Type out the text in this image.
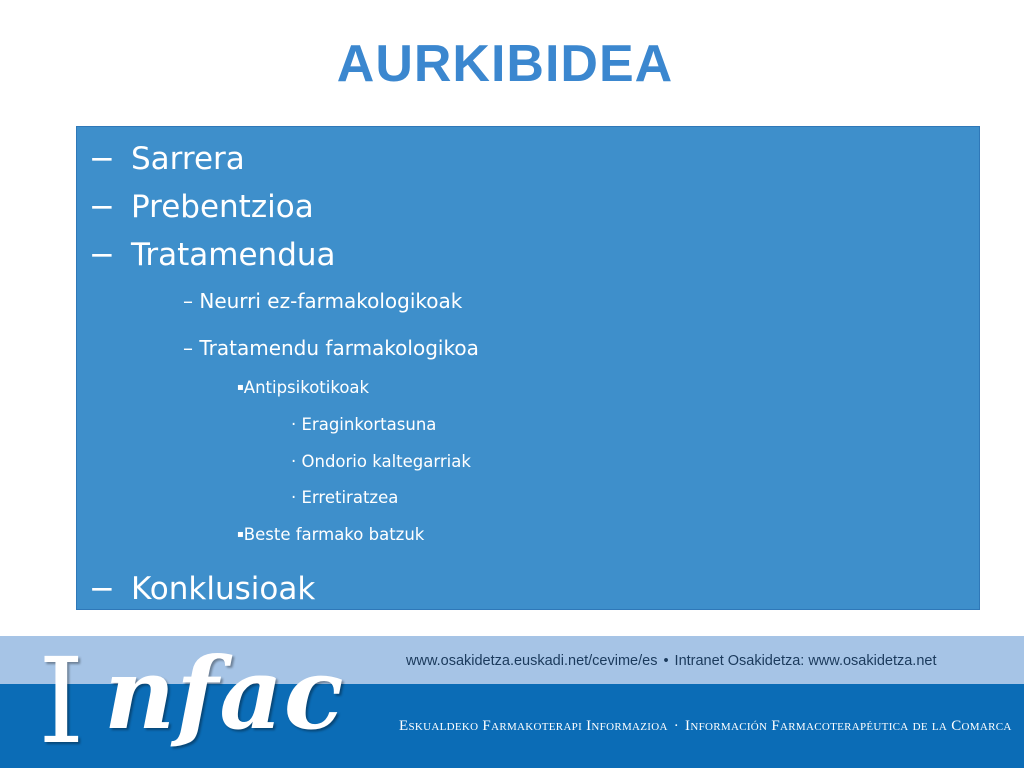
AURKIBIDEA
− Sarrera
− Prebentzioa
− Tratamendua
– Neurri ez-farmakologikoak
– Tratamendu farmakologikoa
▪Antipsikotikoak
· Eraginkortasuna
· Ondorio kaltegarriak
· Erretiratzea
▪Beste farmako batzuk
− Konklusioak
www.osakidetza.euskadi.net/cevime/es • Intranet Osakidetza: www.osakidetza.net
Eskualdeko Farmakoterapi Informazioa · Información Farmacoterapéutica de la Comarca
I nfac
